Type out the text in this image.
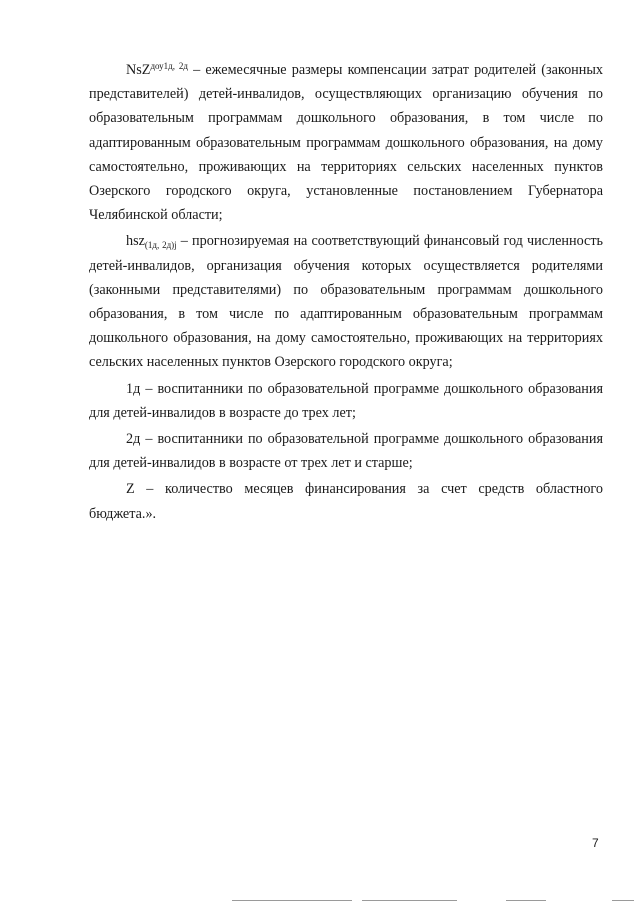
NsZ$^{доу1д, 2д}$ – ежемесячные размеры компенсации затрат родителей (законных представителей) детей-инвалидов, осуществляющих организацию обучения по образовательным программам дошкольного образования, в том числе по адаптированным образовательным программам дошкольного образования, на дому самостоятельно, проживающих на территориях сельских населенных пунктов Озерского городского округа, установленные постановлением Губернатора Челябинской области;

hsz$_{(1д, 2д)j}$ – прогнозируемая на соответствующий финансовый год численность детей-инвалидов, организация обучения которых осуществляется родителями (законными представителями) по образовательным программам дошкольного образования, в том числе по адаптированным образовательным программам дошкольного образования, на дому самостоятельно, проживающих на территориях сельских населенных пунктов Озерского городского округа;

1д – воспитанники по образовательной программе дошкольного образования для детей-инвалидов в возрасте до трех лет;

2д – воспитанники по образовательной программе дошкольного образования для детей-инвалидов в возрасте от трех лет и старше;

Z – количество месяцев финансирования за счет средств областного бюджета.».

7
